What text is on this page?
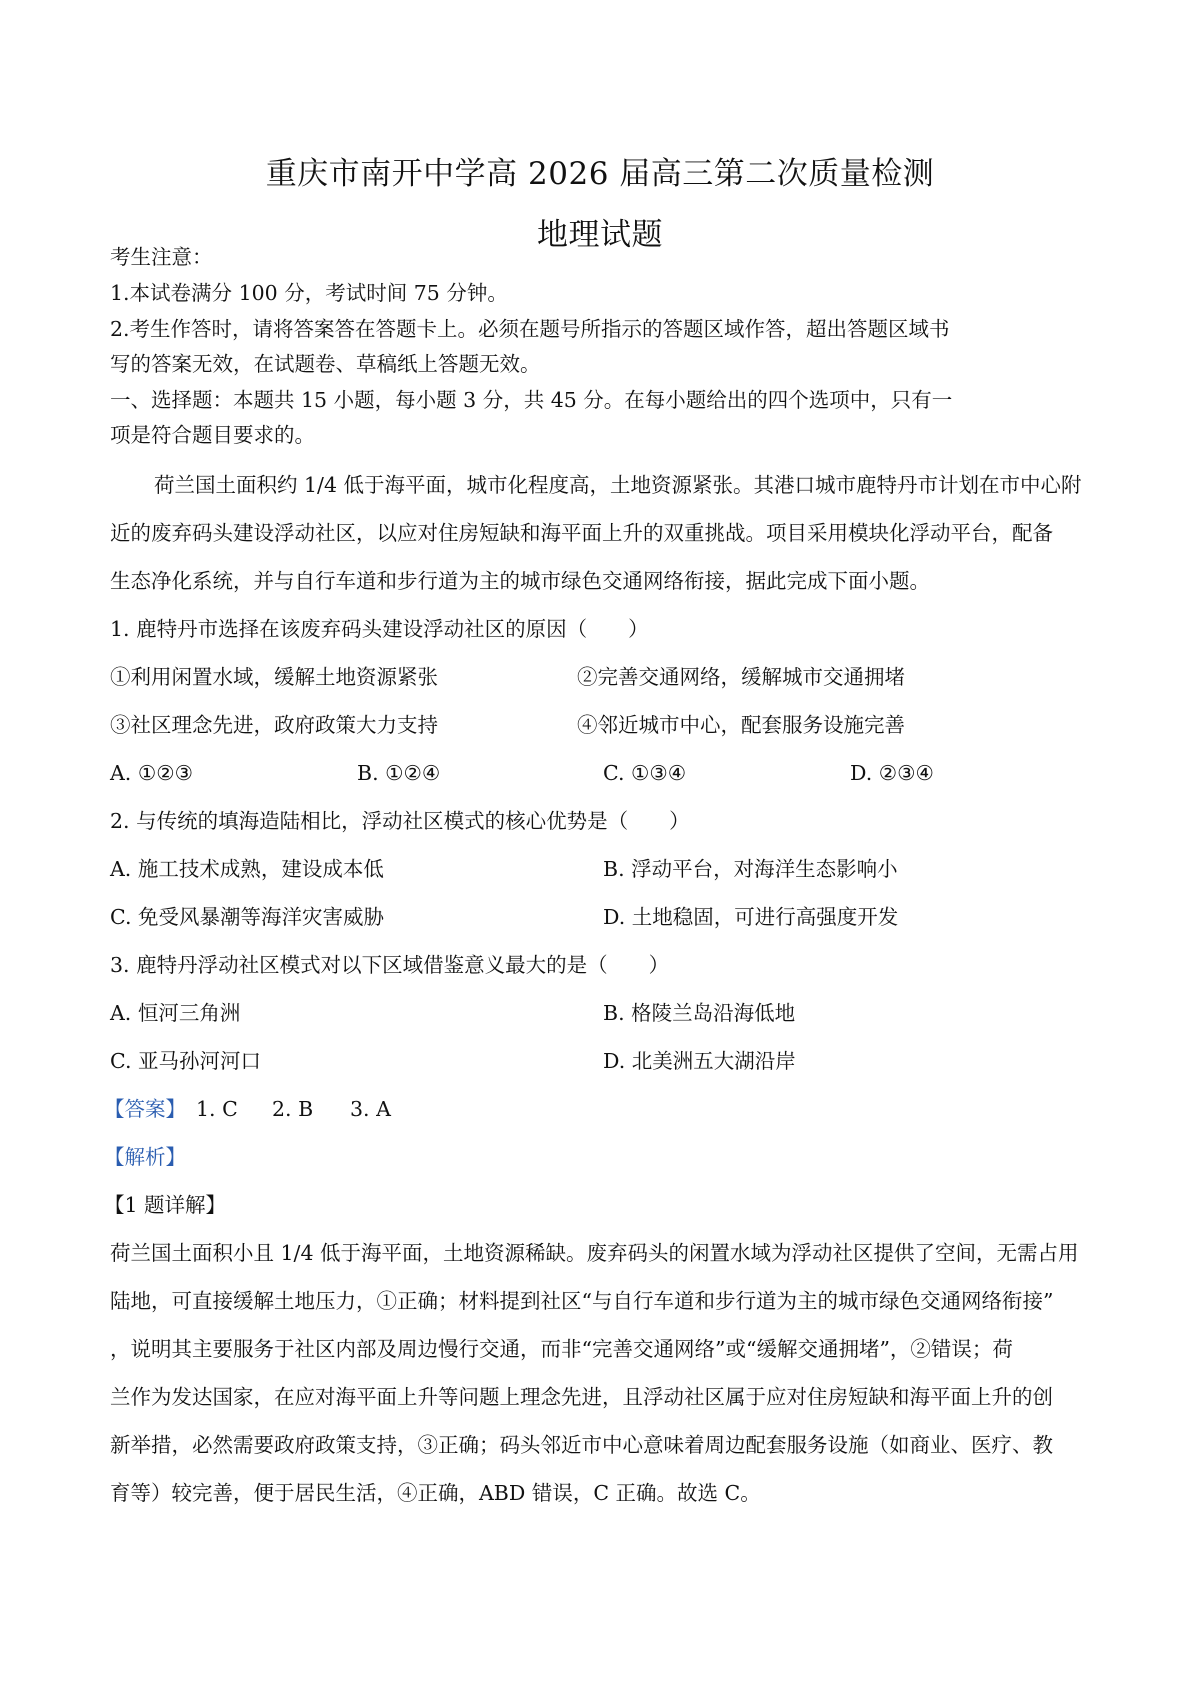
重庆市南开中学高 2026 届高三第二次质量检测
地理试题
考生注意：
1.本试卷满分 100 分，考试时间 75 分钟。
2.考生作答时，请将答案答在答题卡上。必须在题号所指示的答题区域作答，超出答题区域书
写的答案无效，在试题卷、草稿纸上答题无效。
一、选择题：本题共 15 小题，每小题 3 分，共 45 分。在每小题给出的四个选项中，只有一
项是符合题目要求的。
荷兰国土面积约 1/4 低于海平面，城市化程度高，土地资源紧张。其港口城市鹿特丹市计划在市中心附
近的废弃码头建设浮动社区，以应对住房短缺和海平面上升的双重挑战。项目采用模块化浮动平台，配备
生态净化系统，并与自行车道和步行道为主的城市绿色交通网络衔接，据此完成下面小题。
1. 鹿特丹市选择在该废弃码头建设浮动社区的原因（　　）
①利用闲置水域，缓解土地资源紧张	②完善交通网络，缓解城市交通拥堵
③社区理念先进，政府政策大力支持	④邻近城市中心，配套服务设施完善
A. ①②③	B. ①②④	C. ①③④	D. ②③④
2. 与传统的填海造陆相比，浮动社区模式的核心优势是（　　）
A. 施工技术成熟，建设成本低	B. 浮动平台，对海洋生态影响小
C. 免受风暴潮等海洋灾害威胁	D. 土地稳固，可进行高强度开发
3. 鹿特丹浮动社区模式对以下区域借鉴意义最大的是（　　）
A. 恒河三角洲	B. 格陵兰岛沿海低地
C. 亚马孙河河口	D. 北美洲五大湖沿岸
【答案】 1. C 2. B 3. A
【解析】
【1 题详解】
荷兰国土面积小且 1/4 低于海平面，土地资源稀缺。废弃码头的闲置水域为浮动社区提供了空间，无需占用
陆地，可直接缓解土地压力，①正确；材料提到社区“与自行车道和步行道为主的城市绿色交通网络衔接”
，说明其主要服务于社区内部及周边慢行交通，而非“完善交通网络”或“缓解交通拥堵”，②错误；荷
兰作为发达国家，在应对海平面上升等问题上理念先进，且浮动社区属于应对住房短缺和海平面上升的创
新举措，必然需要政府政策支持，③正确；码头邻近市中心意味着周边配套服务设施（如商业、医疗、教
育等）较完善，便于居民生活，④正确，ABD 错误，C 正确。故选 C。
